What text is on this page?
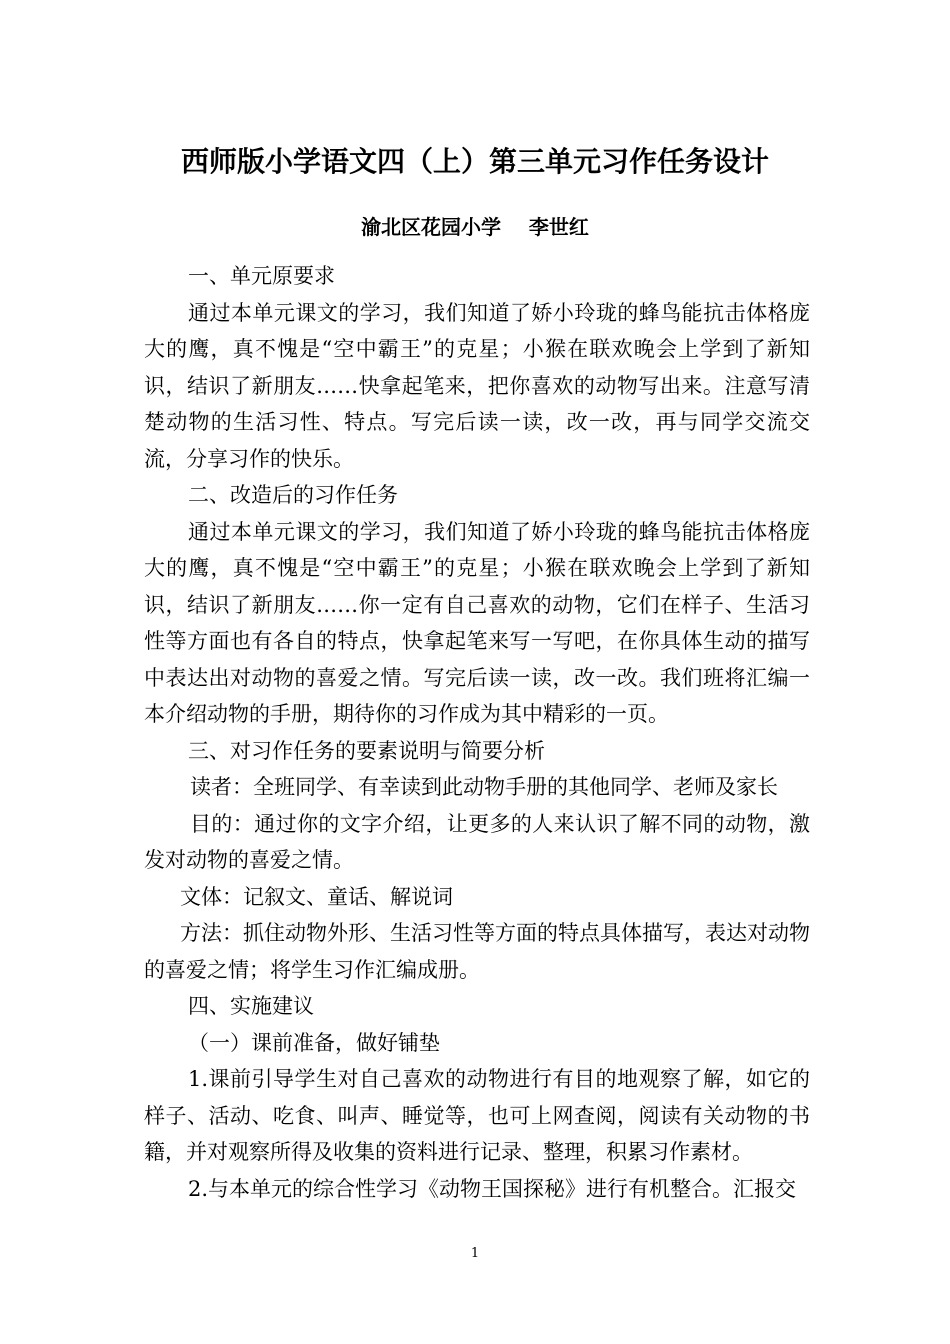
西师版小学语文四（上）第三单元习作任务设计
渝北区花园小学    李世红

一、单元原要求

通过本单元课文的学习，我们知道了娇小玲珑的蜂鸟能抗击体格庞大的鹰，真不愧是“空中霸王”的克星；小猴在联欢晚会上学到了新知识，结识了新朋友……快拿起笔来，把你喜欢的动物写出来。注意写清楚动物的生活习性、特点。写完后读一读，改一改，再与同学交流交流，分享习作的快乐。

二、改造后的习作任务

通过本单元课文的学习，我们知道了娇小玲珑的蜂鸟能抗击体格庞大的鹰，真不愧是“空中霸王”的克星；小猴在联欢晚会上学到了新知识，结识了新朋友……你一定有自己喜欢的动物，它们在样子、生活习性等方面也有各自的特点，快拿起笔来写一写吧，在你具体生动的描写中表达出对动物的喜爱之情。写完后读一读，改一改。我们班将汇编一本介绍动物的手册，期待你的习作成为其中精彩的一页。

三、对习作任务的要素说明与简要分析

读者：全班同学、有幸读到此动物手册的其他同学、老师及家长

目的：通过你的文字介绍，让更多的人来认识了解不同的动物，激发对动物的喜爱之情。

文体：记叙文、童话、解说词

方法：抓住动物外形、生活习性等方面的特点具体描写，表达对动物的喜爱之情；将学生习作汇编成册。

四、实施建议

（一）课前准备，做好铺垫

1.课前引导学生对自己喜欢的动物进行有目的地观察了解，如它的样子、活动、吃食、叫声、睡觉等，也可上网查阅，阅读有关动物的书籍，并对观察所得及收集的资料进行记录、整理，积累习作素材。

2.与本单元的综合性学习《动物王国探秘》进行有机整合。汇报交

1
